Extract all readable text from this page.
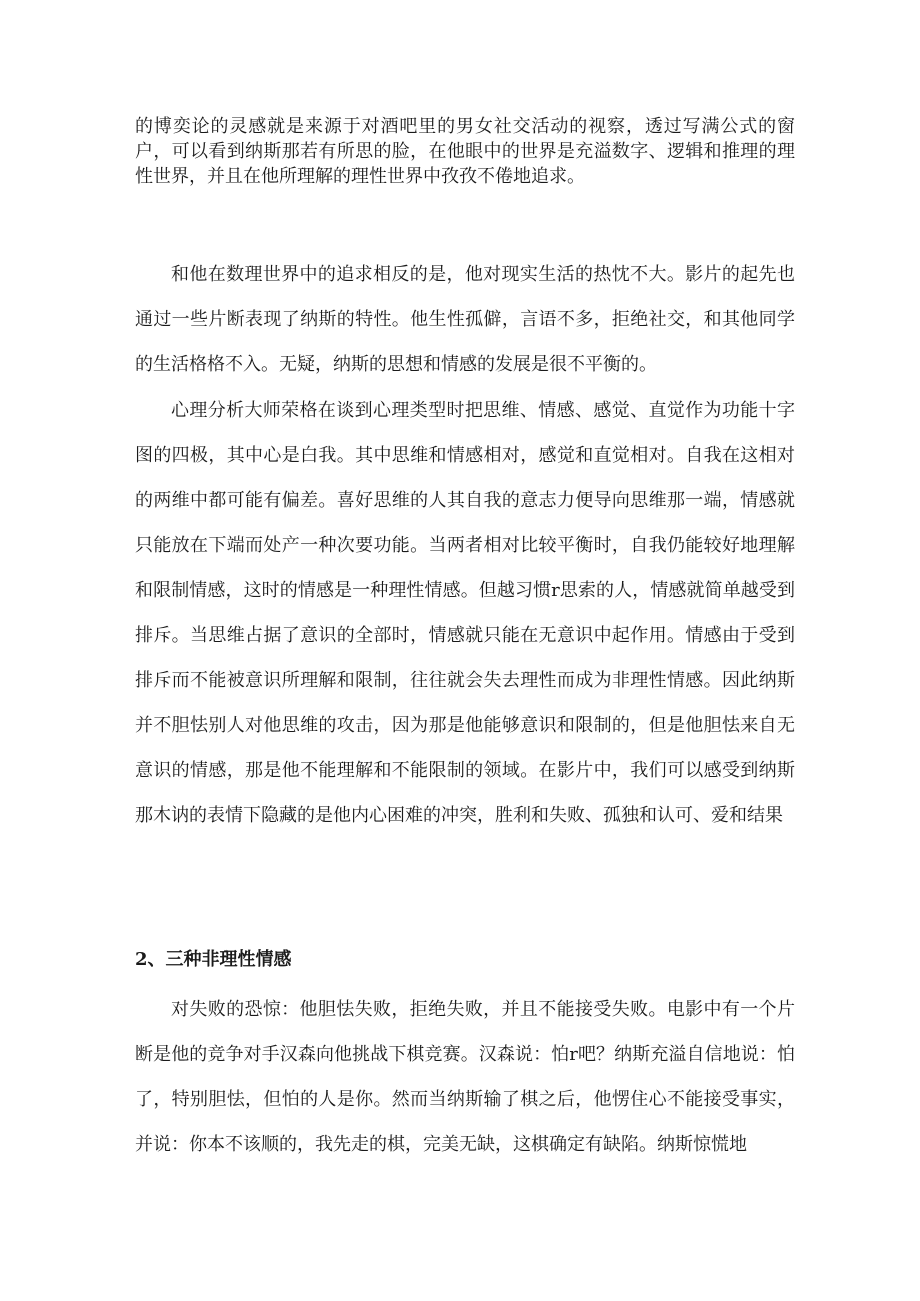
的博奕论的灵感就是来源于对酒吧里的男女社交活动的视察，透过写满公式的窗户，可以看到纳斯那若有所思的脸，在他眼中的世界是充溢数字、逻辑和推理的理性世界，并且在他所理解的理性世界中孜孜不倦地追求。

和他在数理世界中的追求相反的是，他对现实生活的热忱不大。影片的起先也通过一些片断表现了纳斯的特性。他生性孤僻，言语不多，拒绝社交，和其他同学的生活格格不入。无疑，纳斯的思想和情感的发展是很不平衡的。

心理分析大师荣格在谈到心理类型时把思维、情感、感觉、直觉作为功能十字图的四极，其中心是白我。其中思维和情感相对，感觉和直觉相对。自我在这相对的两维中都可能有偏差。喜好思维的人其自我的意志力便导向思维那一端，情感就只能放在下端而处产一种次要功能。当两者相对比较平衡时，自我仍能较好地理解和限制情感，这时的情感是一种理性情感。但越习惯r思索的人，情感就简单越受到排斥。当思维占据了意识的全部时，情感就只能在无意识中起作用。情感由于受到排斥而不能被意识所理解和限制，往往就会失去理性而成为非理性情感。因此纳斯并不胆怯别人对他思维的攻击，因为那是他能够意识和限制的，但是他胆怯来自无意识的情感，那是他不能理解和不能限制的领域。在影片中，我们可以感受到纳斯那木讷的表情下隐藏的是他内心困难的冲突，胜利和失败、孤独和认可、爱和结果

2、三种非理性情感

对失败的恐惊：他胆怯失败，拒绝失败，并且不能接受失败。电影中有一个片断是他的竞争对手汉森向他挑战下棋竞赛。汉森说：怕r吧？纳斯充溢自信地说：怕了，特别胆怯，但怕的人是你。然而当纳斯输了棋之后，他愣住心不能接受事实，并说：你本不该顺的，我先走的棋，完美无缺，这棋确定有缺陷。纳斯惊慌地
